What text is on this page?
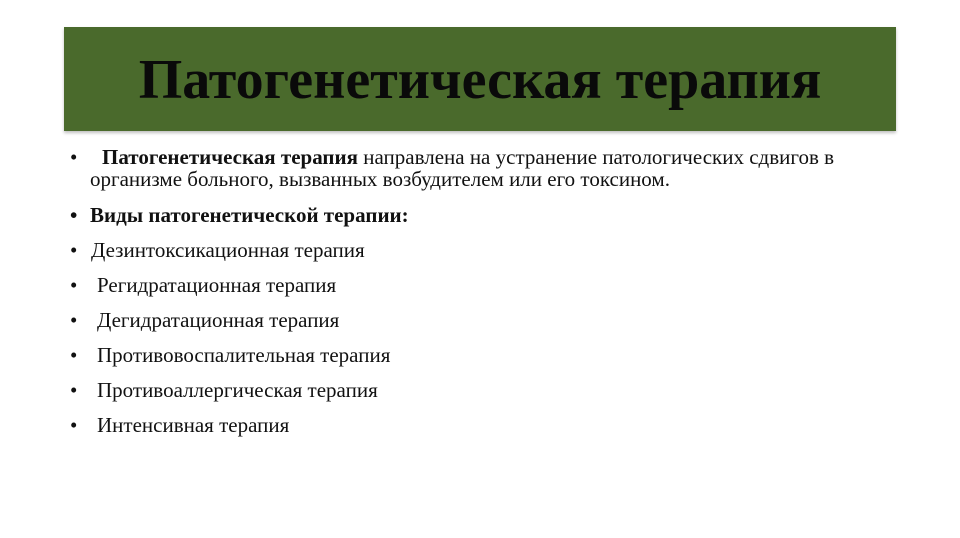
Патогенетическая терапия
• Патогенетическая терапия направлена на устранение патологических сдвигов в организме больного, вызванных возбудителем или его токсином.
• Виды патогенетической терапии:
• Дезинтоксикационная терапия
• Регидратационная терапия
• Дегидратационная терапия
• Противовоспалительная терапия
• Противоаллергическая терапия
• Интенсивная терапия
